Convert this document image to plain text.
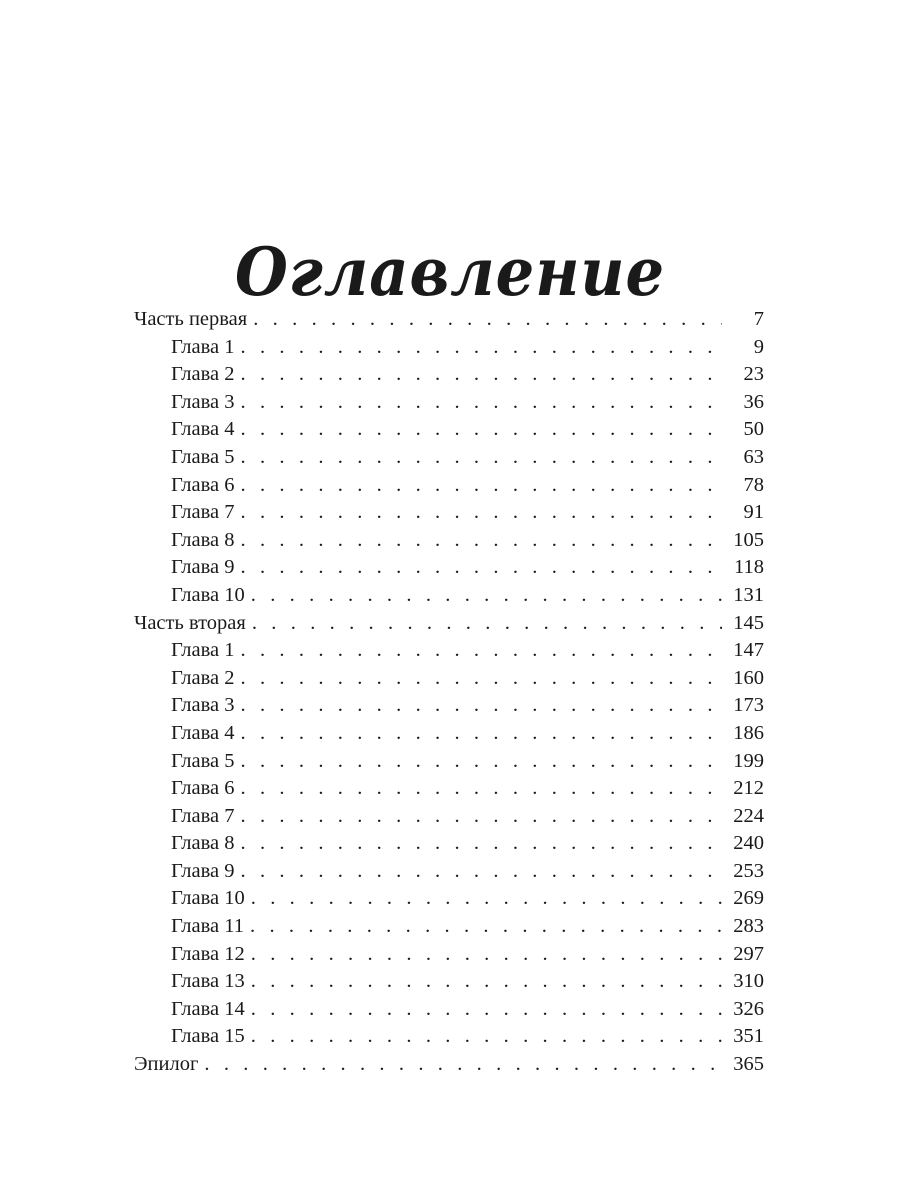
Оглавление
Часть первая . . .	7
Глава 1 . . .	9
Глава 2 . . .	23
Глава 3 . . .	36
Глава 4 . . .	50
Глава 5 . . .	63
Глава 6 . . .	78
Глава 7 . . .	91
Глава 8 . . .	105
Глава 9 . . .	118
Глава 10 . . .	131
Часть вторая . . .	145
Глава 1 . . .	147
Глава 2 . . .	160
Глава 3 . . .	173
Глава 4 . . .	186
Глава 5 . . .	199
Глава 6 . . .	212
Глава 7 . . .	224
Глава 8 . . .	240
Глава 9 . . .	253
Глава 10 . . .	269
Глава 11 . . .	283
Глава 12 . . .	297
Глава 13 . . .	310
Глава 14 . . .	326
Глава 15 . . .	351
Эпилог . . .	365
